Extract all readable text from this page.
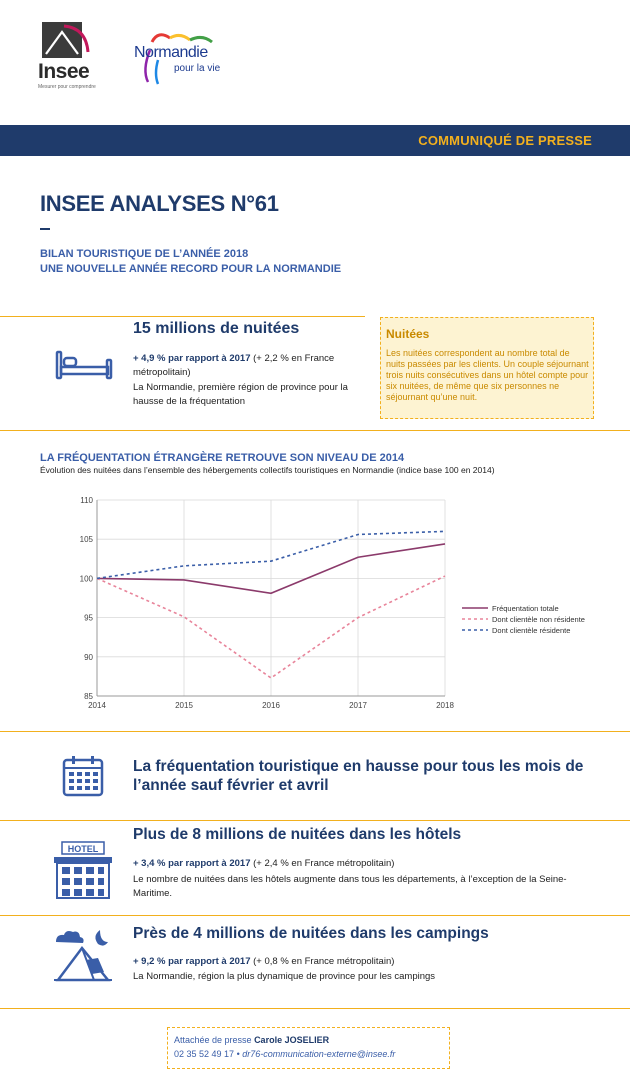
Insee
Mesurer pour comprendre
Normandie
pour la vie
COMMUNIQUÉ DE PRESSE
INSEE ANALYSES N°61
BILAN TOURISTIQUE DE L’ANNÉE 2018
UNE NOUVELLE ANNÉE RECORD POUR LA NORMANDIE
15 millions de nuitées
+ 4,9 % par rapport à 2017 (+ 2,2 % en France métropolitain)
La Normandie, première région de province pour la hausse de la fréquentation
Nuitées
Les nuitées correspondent au nombre total de nuits passées par les clients. Un couple séjournant trois nuits consécutives dans un hôtel compte pour six nuitées, de même que six personnes ne séjournant qu’une nuit.
LA FRÉQUENTATION ÉTRANGÈRE RETROUVE SON NIVEAU DE 2014
Évolution des nuitées dans l’ensemble des hébergements collectifs touristiques en Normandie (indice base 100 en 2014)
85
90
95
100
105
110
2014	2015	2016	2017	2018
Fréquentation totale
Dont clientèle non résidente
Dont clientèle résidente
La fréquentation touristique en hausse pour tous les mois de l’année sauf février et avril
HOTEL
Plus de 8 millions de nuitées dans les hôtels
+ 3,4 % par rapport à 2017 (+ 2,4 % en France métropolitain)
Le nombre de nuitées dans les hôtels augmente dans tous les départements, à l’exception de la Seine-Maritime.
Près de 4 millions de nuitées dans les campings
+ 9,2 % par rapport à 2017 (+ 0,8 % en France métropolitain)
La Normandie, région la plus dynamique de province pour les campings
Attachée de presse Carole JOSELIER
02 35 52 49 17 • dr76-communication-externe@insee.fr
